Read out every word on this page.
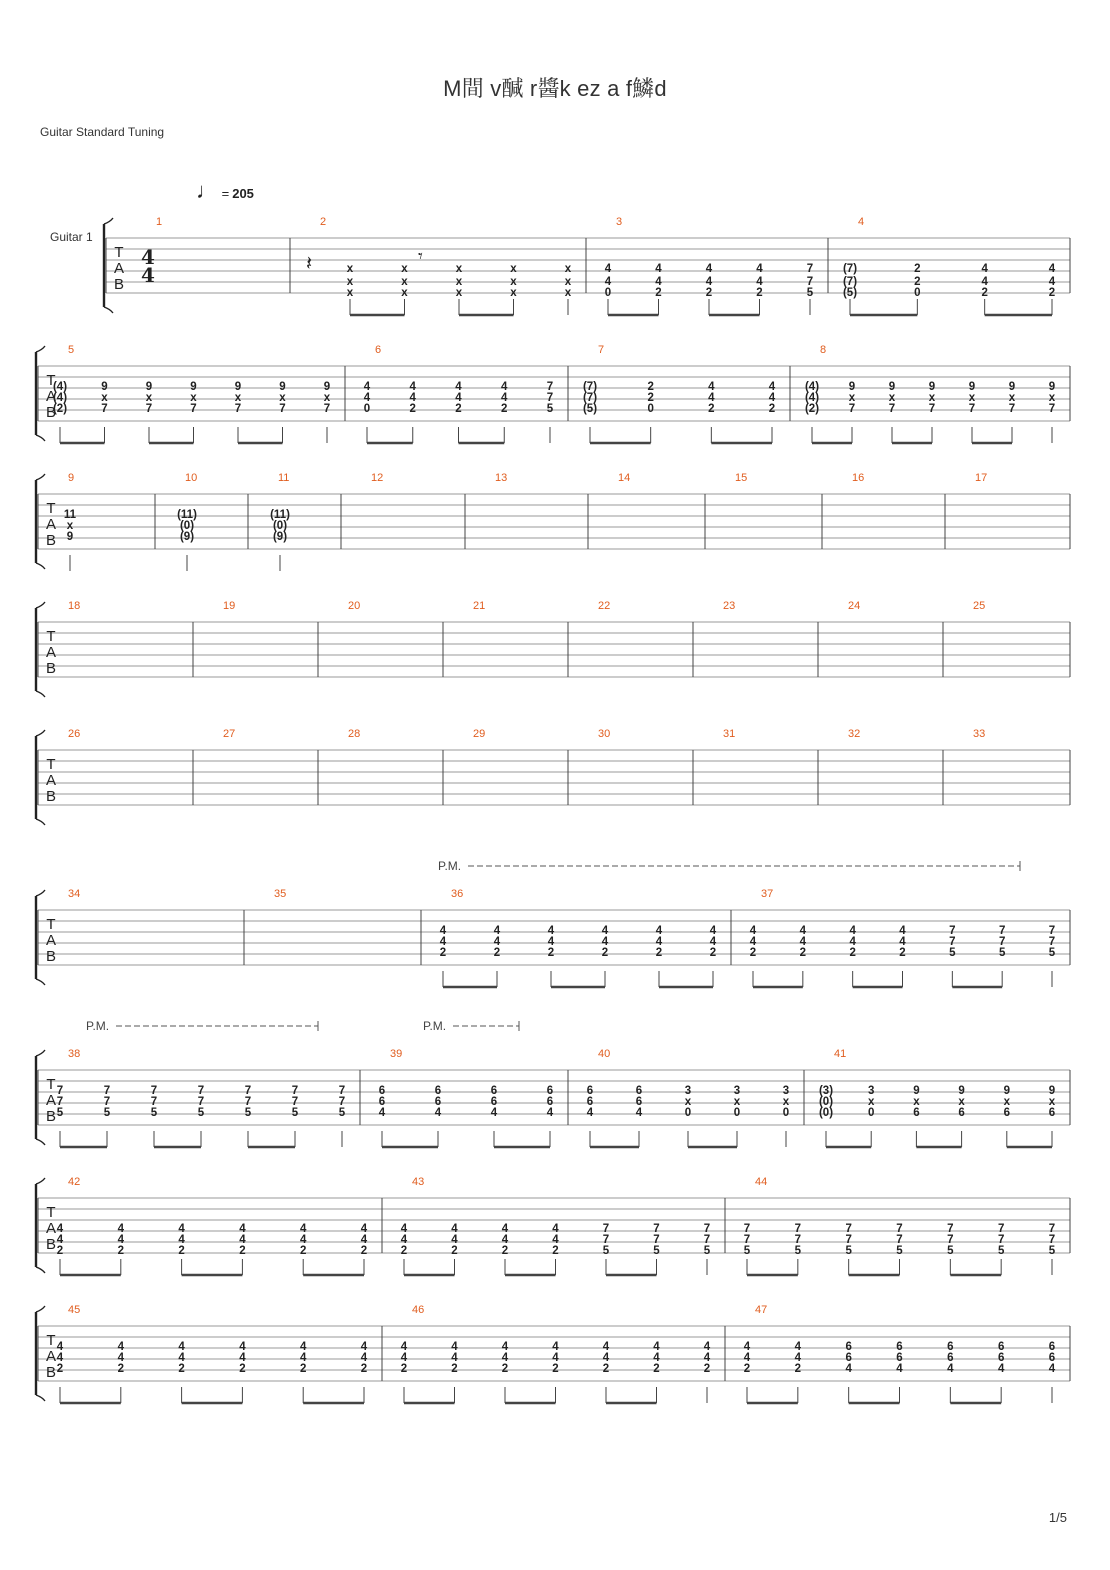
M間 v醎 r醬k ez a f鱗d
Guitar Standard Tuning
♩ = 205
Guitar 1
T
A
B
4
4
1	2
x
x
x
x
x
x
x
x
x
x
x
x
x
x
x
3
4
4
0
4
4
2
4
4
2
4
4
2
7
7
5
4
(7)
(7)
(5)
2
2
0
4
4
2
4
4
2
T
A
B
5
(4)
(4)
(2)
9
x
7
9
x
7
9
x
7
9
x
7
9
x
7
9
x
7
6
4
4
0
4
4
2
4
4
2
4
4
2
7
7
5
7
(7)
(7)
(5)
2
2
0
4
4
2
4
4
2
8
(4)
(4)
(2)
9
x
7
9
x
7
9
x
7
9
x
7
9
x
7
9
x
7
T
A
B
9
11
x
9
10
(11)
(0)
(9)
11
(11)
(0)
(9)
12	13	14	15	16	17
T
A
B
18	19	20	21	22	23	24	25
T
A
B
26	27	28	29	30	31	32	33
T
A
B
34	35	36
4
4
2
4
4
2
4
4
2
4
4
2
4
4
2
4
4
2
37
4
4
2
4
4
2
4
4
2
4
4
2
7
7
5
7
7
5
7
7
5
T
A
B
38
7
7
5
7
7
5
7
7
5
7
7
5
7
7
5
7
7
5
7
7
5
39
6
6
4
6
6
4
6
6
4
6
6
4
40
6
6
4
6
6
4
3
x
0
3
x
0
3
x
0
41
(3)
(0)
(0)
3
x
0
9
x
6
9
x
6
9
x
6
9
x
6
T
A
B
42
4
4
2
4
4
2
4
4
2
4
4
2
4
4
2
4
4
2
43
4
4
2
4
4
2
4
4
2
4
4
2
7
7
5
7
7
5
7
7
5
44
7
7
5
7
7
5
7
7
5
7
7
5
7
7
5
7
7
5
7
7
5
T
A
B
45
4
4
2
4
4
2
4
4
2
4
4
2
4
4
2
4
4
2
46
4
4
2
4
4
2
4
4
2
4
4
2
4
4
2
4
4
2
4
4
2
47
4
4
2
4
4
2
6
6
4
6
6
4
6
6
4
6
6
4
6
6
4
𝄽	𝄾
P.M.
P.M.	P.M.
1/5
